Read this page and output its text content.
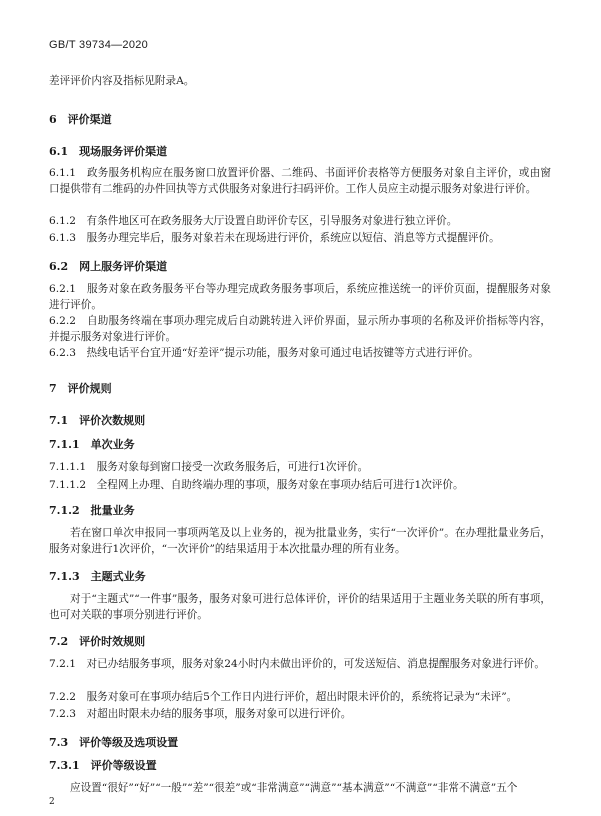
GB/T 39734—2020
差评评价内容及指标见附录A。
6　评价渠道
6.1　现场服务评价渠道
6.1.1　政务服务机构应在服务窗口放置评价器、二维码、书面评价表格等方便服务对象自主评价，或由窗口提供带有二维码的办件回执等方式供服务对象进行扫码评价。工作人员应主动提示服务对象进行评价。
6.1.2　有条件地区可在政务服务大厅设置自助评价专区，引导服务对象进行独立评价。
6.1.3　服务办理完毕后，服务对象若未在现场进行评价，系统应以短信、消息等方式提醒评价。
6.2　网上服务评价渠道
6.2.1　服务对象在政务服务平台等办理完成政务服务事项后，系统应推送统一的评价页面，提醒服务对象进行评价。
6.2.2　自助服务终端在事项办理完成后自动跳转进入评价界面，显示所办事项的名称及评价指标等内容，并提示服务对象进行评价。
6.2.3　热线电话平台宜开通“好差评”提示功能，服务对象可通过电话按键等方式进行评价。
7　评价规则
7.1　评价次数规则
7.1.1　单次业务
7.1.1.1　服务对象每到窗口接受一次政务服务后，可进行1次评价。
7.1.1.2　全程网上办理、自助终端办理的事项，服务对象在事项办结后可进行1次评价。
7.1.2　批量业务
若在窗口单次申报同一事项两笔及以上业务的，视为批量业务，实行“一次评价”。在办理批量业务后，服务对象进行1次评价，“一次评价”的结果适用于本次批量办理的所有业务。
7.1.3　主题式业务
对于“主题式”“一件事”服务，服务对象可进行总体评价，评价的结果适用于主题业务关联的所有事项，也可对关联的事项分别进行评价。
7.2　评价时效规则
7.2.1　对已办结服务事项，服务对象24小时内未做出评价的，可发送短信、消息提醒服务对象进行评价。
7.2.2　服务对象可在事项办结后5个工作日内进行评价，超出时限未评价的，系统将记录为“未评”。
7.2.3　对超出时限未办结的服务事项，服务对象可以进行评价。
7.3　评价等级及选项设置
7.3.1　评价等级设置
应设置“很好”“好”“一般”“差”“很差”或“非常满意”“满意”“基本满意”“不满意”“非常不满意”五个
2
